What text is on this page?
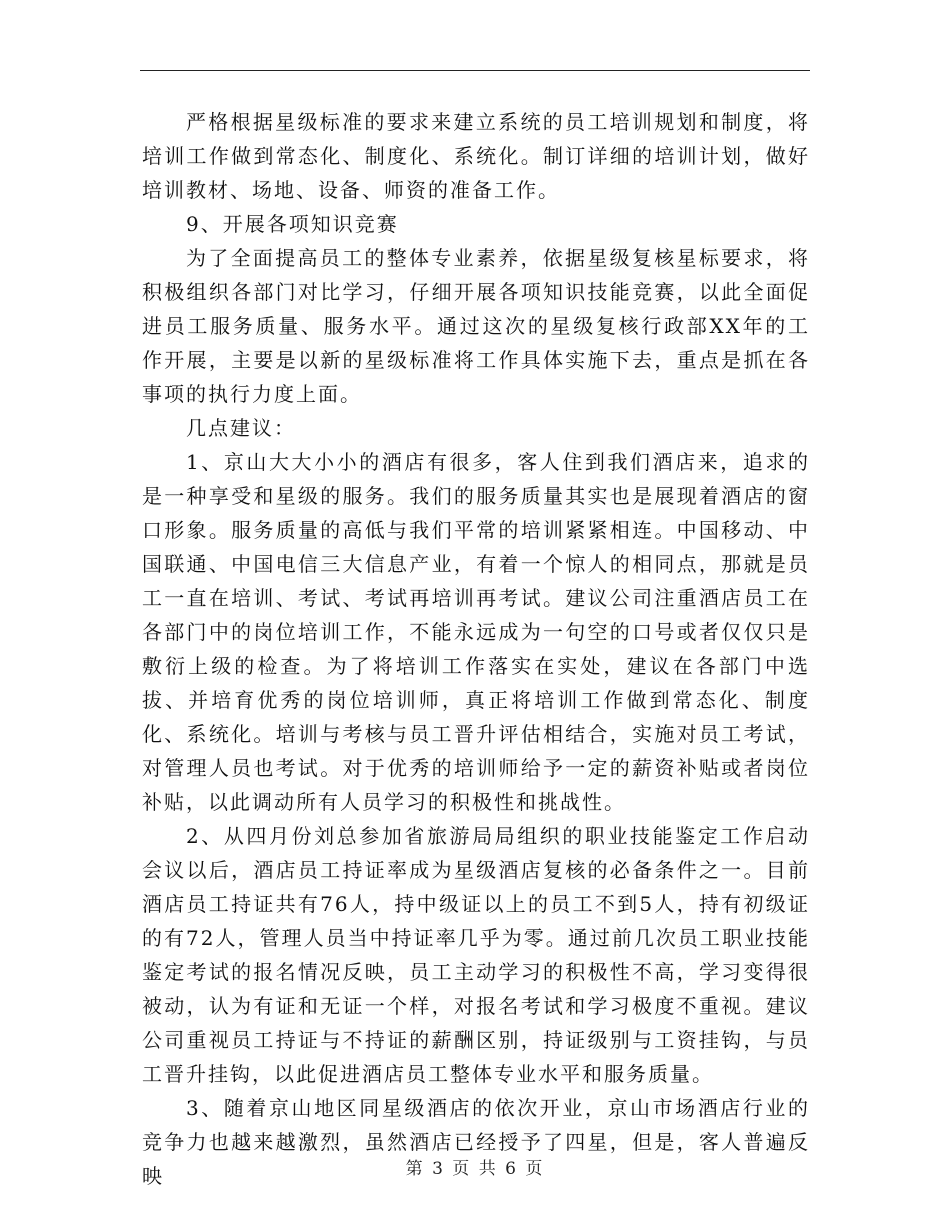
严格根据星级标准的要求来建立系统的员工培训规划和制度，将培训工作做到常态化、制度化、系统化。制订详细的培训计划，做好培训教材、场地、设备、师资的准备工作。

9、开展各项知识竞赛

为了全面提高员工的整体专业素养，依据星级复核星标要求，将积极组织各部门对比学习，仔细开展各项知识技能竞赛，以此全面促进员工服务质量、服务水平。通过这次的星级复核行政部XX年的工作开展，主要是以新的星级标准将工作具体实施下去，重点是抓在各事项的执行力度上面。

几点建议：

1、京山大大小小的酒店有很多，客人住到我们酒店来，追求的是一种享受和星级的服务。我们的服务质量其实也是展现着酒店的窗口形象。服务质量的高低与我们平常的培训紧紧相连。中国移动、中国联通、中国电信三大信息产业，有着一个惊人的相同点，那就是员工一直在培训、考试、考试再培训再考试。建议公司注重酒店员工在各部门中的岗位培训工作，不能永远成为一句空的口号或者仅仅只是敷衍上级的检查。为了将培训工作落实在实处，建议在各部门中选拔、并培育优秀的岗位培训师，真正将培训工作做到常态化、制度化、系统化。培训与考核与员工晋升评估相结合，实施对员工考试，对管理人员也考试。对于优秀的培训师给予一定的薪资补贴或者岗位补贴，以此调动所有人员学习的积极性和挑战性。

2、从四月份刘总参加省旅游局局组织的职业技能鉴定工作启动会议以后，酒店员工持证率成为星级酒店复核的必备条件之一。目前酒店员工持证共有76人，持中级证以上的员工不到5人，持有初级证的有72人，管理人员当中持证率几乎为零。通过前几次员工职业技能鉴定考试的报名情况反映，员工主动学习的积极性不高，学习变得很被动，认为有证和无证一个样，对报名考试和学习极度不重视。建议公司重视员工持证与不持证的薪酬区别，持证级别与工资挂钩，与员工晋升挂钩，以此促进酒店员工整体专业水平和服务质量。

3、随着京山地区同星级酒店的依次开业，京山市场酒店行业的竞争力也越来越激烈，虽然酒店已经授予了四星，但是，客人普遍反映	第 3 页 共 6 页
